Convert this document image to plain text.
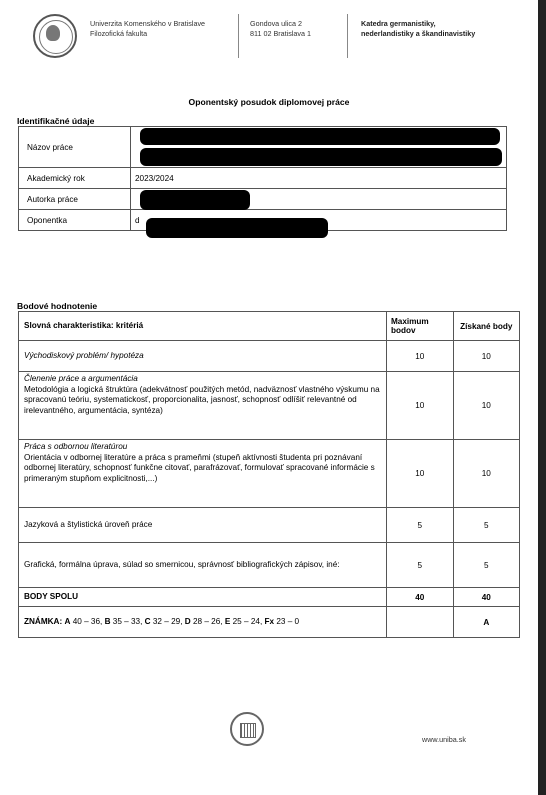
Univerzita Komenského v Bratislave
Filozofická fakulta
Gondova ulica 2
811 02 Bratislava 1
Katedra germanistiky,
nederlandistiky a škandinavistiky
Oponentský posudok diplomovej práce
Identifikačné údaje
Názov práce	
Akademický rok	2023/2024
Autorka práce	
Oponentka	d
Bodové hodnotenie
Slovná charakteristika: kritériá	Maximum bodov	Získané body
Východiskový problém/ hypotéza	10	10

Členenie práce a argumentácia
Metodológia a logická štruktúra (adekvátnosť použitých metód, nadväznosť vlastného výskumu na spracovanú teóriu, systematickosť, proporcionalita, jasnosť, schopnosť odlíšiť relevantné od irelevantného, argumentácia, syntéza)	10	10

Práca s odbornou literatúrou
Orientácia v odbornej literatúre a práca s prameňmi (stupeň aktívnosti študenta pri poznávaní odbornej literatúry, schopnosť funkčne citovať, parafrázovať, formulovať spracované informácie s primeraným stupňom explicitnosti,...)	10	10
Jazyková a štylistická úroveň práce	5	5
Grafická, formálna úprava, súlad so smernicou, správnosť bibliografických zápisov, iné:	5	5
BODY SPOLU	40	40
ZNÁMKA: A 40 – 36, B 35 – 33, C 32 – 29, D 28 – 26, E 25 – 24, Fx 23 – 0		A
www.uniba.sk
